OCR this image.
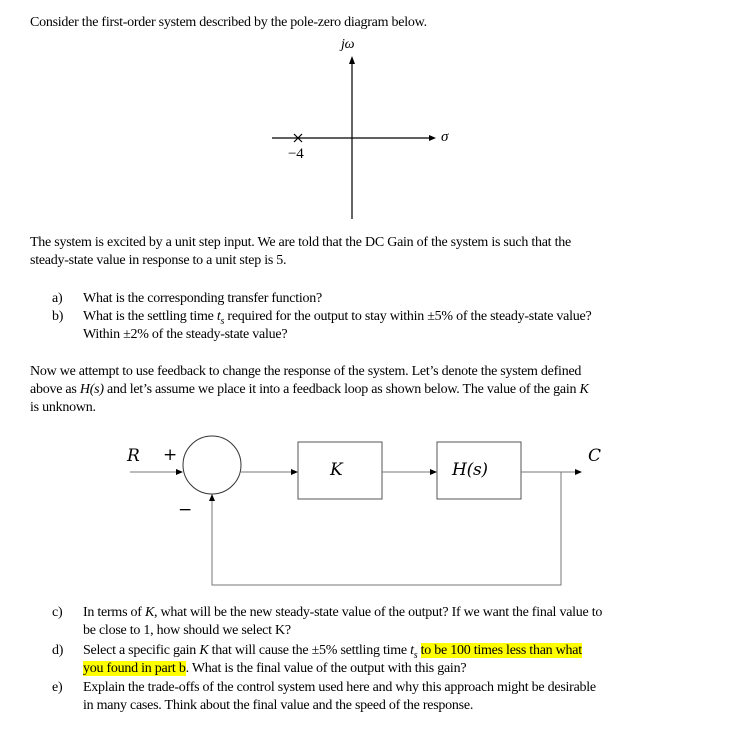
Consider the first-order system described by the pole-zero diagram below.
jω
σ
−4
The system is excited by a unit step input. We are told that the DC Gain of the system is such that the
steady-state value in response to a unit step is 5.
a) What is the corresponding transfer function?
b) What is the settling time $t_s$ required for the output to stay within ±5% of the steady-state value?
Within ±2% of the steady-state value?
Now we attempt to use feedback to change the response of the system. Let’s denote the system defined
above as H(s) and let’s assume we place it into a feedback loop as shown below. The value of the gain K
is unknown.
R +
−
K	H(s)
C
c) In terms of K, what will be the new steady-state value of the output? If we want the final value to
be close to 1, how should we select K?
d) Select a specific gain K that will cause the ±5% settling time $t_s$ to be 100 times less than what
you found in part b. What is the final value of the output with this gain?
e) Explain the trade-offs of the control system used here and why this approach might be desirable
in many cases. Think about the final value and the speed of the response.
